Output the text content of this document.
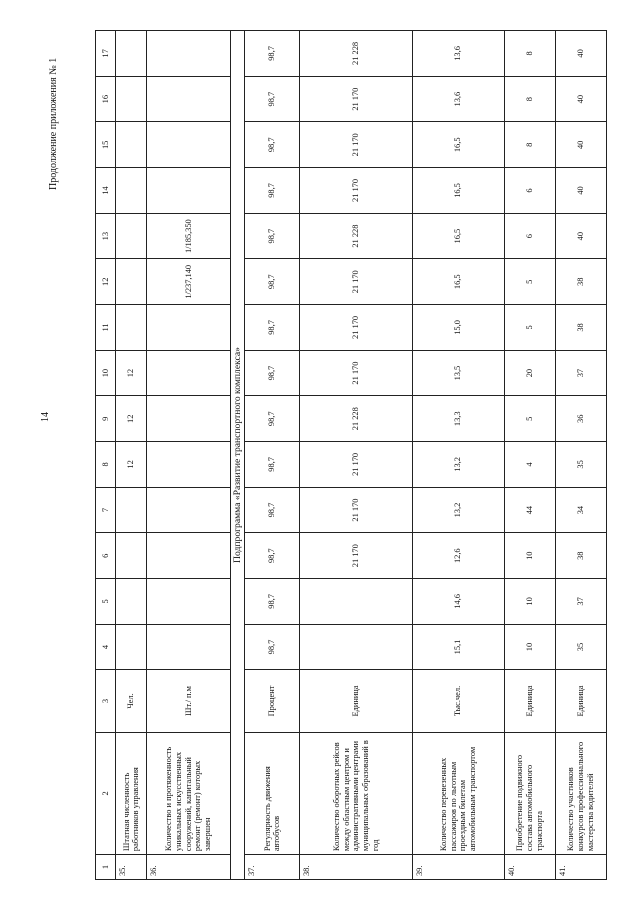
14
Продолжение приложения № 1
1	2	3	4	5	6	7	8	9	10	11	12	13	14	15	16	17
35.	Штатная численность работников управления	Чел.					12	12	12							
36.	Количество и протяженность уникальных искусственных сооружений, капитальный ремонт (ремонт) которых завершен	Шт./ п.м									1/237,140	1/185,350				
Подпрограмма «Развитие транспортного комплекса»																
37.	Регулярность движения автобусов	Процент	98,7	98,7	98,7	98,7	98,7	98,7	98,7	98,7	98,7	98,7	98,7	98,7	98,7	98,7
38.	Количество оборотных рейсов между областным центром и административными центрами муниципальных образований в год	Единица			21 170	21 170	21 170	21 228	21 170	21 170	21 170	21 228	21 170	21 170	21 170	21 228
39.	Количество перевезенных пассажиров по льготным проездным билетам автомобильным транспортом	Тыс.чел.	15,1	14,6	12,6	13,2	13,2	13,3	13,5	15,0	16,5	16,5	16,5	16,5	13,6	13,6
40.	Приобретение подвижного состава автомобильного транспорта	Единица	10	10	10	44	4	5	20	5	5	6	6	8	8	8
41.	Количество участников конкурсов профессионального мастерства водителей	Единица	35	37	38	34	35	36	37	38	38	40	40	40	40	40
